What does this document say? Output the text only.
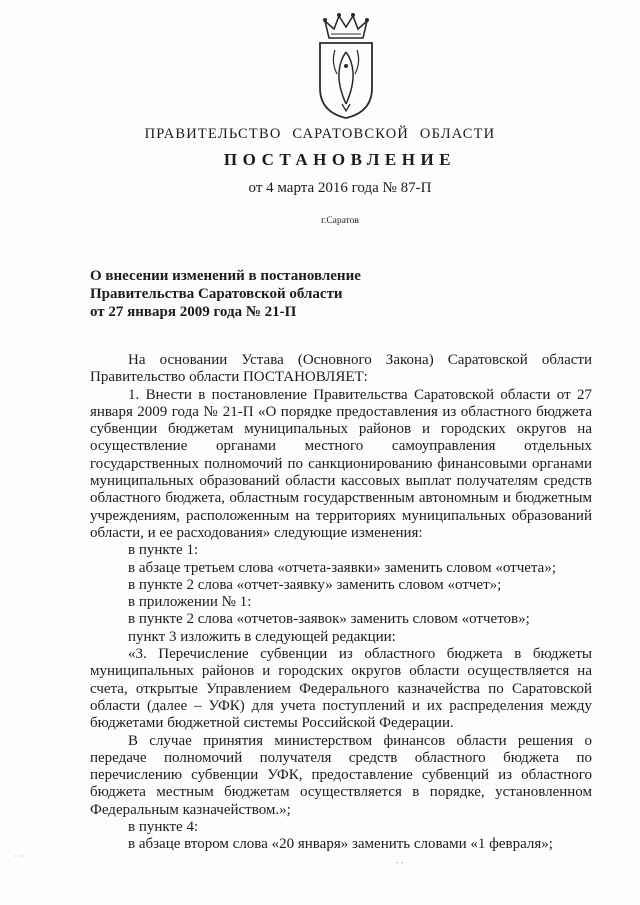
ПРАВИТЕЛЬСТВО САРАТОВСКОЙ ОБЛАСТИ
ПОСТАНОВЛЕНИЕ
от 4 марта 2016 года № 87-П
г.Саратов
О внесении изменений в постановление
Правительства Саратовской области
от 27 января 2009 года № 21-П

На основании Устава (Основного Закона) Саратовской области Правительство области ПОСТАНОВЛЯЕТ:

1. Внести в постановление Правительства Саратовской области от 27 января 2009 года № 21-П «О порядке предоставления из областного бюджета субвенции бюджетам муниципальных районов и городских округов на осуществление органами местного самоуправления отдельных государственных полномочий по санкционированию финансовыми органами муниципальных образований области кассовых выплат получателям средств областного бюджета, областным государственным автономным и бюджетным учреждениям, расположенным на территориях муниципальных образований области, и ее расходования» следующие изменения:

в пункте 1:

в абзаце третьем слова «отчета-заявки» заменить словом «отчета»;

в пункте 2 слова «отчет-заявку» заменить словом «отчет»;

в приложении № 1:

в пункте 2 слова «отчетов-заявок» заменить словом «отчетов»;

пункт 3 изложить в следующей редакции:

«3. Перечисление субвенции из областного бюджета в бюджеты муниципальных районов и городских округов области осуществляется на счета, открытые Управлением Федерального казначейства по Саратовской области (далее – УФК) для учета поступлений и их распределения между бюджетами бюджетной системы Российской Федерации.

В случае принятия министерством финансов области решения о передаче полномочий получателя средств областного бюджета по перечислению субвенции УФК, предоставление субвенций из областного бюджета местным бюджетам осуществляется в порядке, установленном Федеральным казначейством.»;

в пункте 4:

в абзаце втором слова «20 января» заменить словами «1 февраля»;

· ·· ·
- -
